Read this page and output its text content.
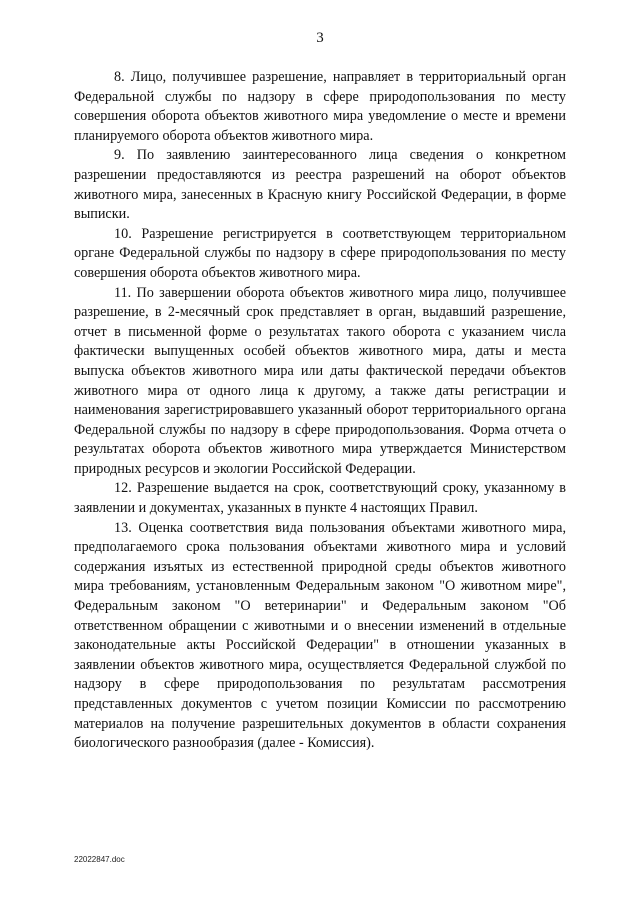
3

8. Лицо, получившее разрешение, направляет в территориальный орган Федеральной службы по надзору в сфере природопользования по месту совершения оборота объектов животного мира уведомление о месте и времени планируемого оборота объектов животного мира.

9. По заявлению заинтересованного лица сведения о конкретном разрешении предоставляются из реестра разрешений на оборот объектов животного мира, занесенных в Красную книгу Российской Федерации, в форме выписки.

10. Разрешение регистрируется в соответствующем территориальном органе Федеральной службы по надзору в сфере природопользования по месту совершения оборота объектов животного мира.

11. По завершении оборота объектов животного мира лицо, получившее разрешение, в 2-месячный срок представляет в орган, выдавший разрешение, отчет в письменной форме о результатах такого оборота с указанием числа фактически выпущенных особей объектов животного мира, даты и места выпуска объектов животного мира или даты фактической передачи объектов животного мира от одного лица к другому, а также даты регистрации и наименования зарегистрировавшего указанный оборот территориального органа Федеральной службы по надзору в сфере природопользования. Форма отчета о результатах оборота объектов животного мира утверждается Министерством природных ресурсов и экологии Российской Федерации.

12. Разрешение выдается на срок, соответствующий сроку, указанному в заявлении и документах, указанных в пункте 4 настоящих Правил.

13. Оценка соответствия вида пользования объектами животного мира, предполагаемого срока пользования объектами животного мира и условий содержания изъятых из естественной природной среды объектов животного мира требованиям, установленным Федеральным законом "О животном мире", Федеральным законом "О ветеринарии" и Федеральным законом "Об ответственном обращении с животными и о внесении изменений в отдельные законодательные акты Российской Федерации" в отношении указанных в заявлении объектов животного мира, осуществляется Федеральной службой по надзору в сфере природопользования по результатам рассмотрения представленных документов с учетом позиции Комиссии по рассмотрению материалов на получение разрешительных документов в области сохранения биологического разнообразия (далее - Комиссия).

22022847.doc
